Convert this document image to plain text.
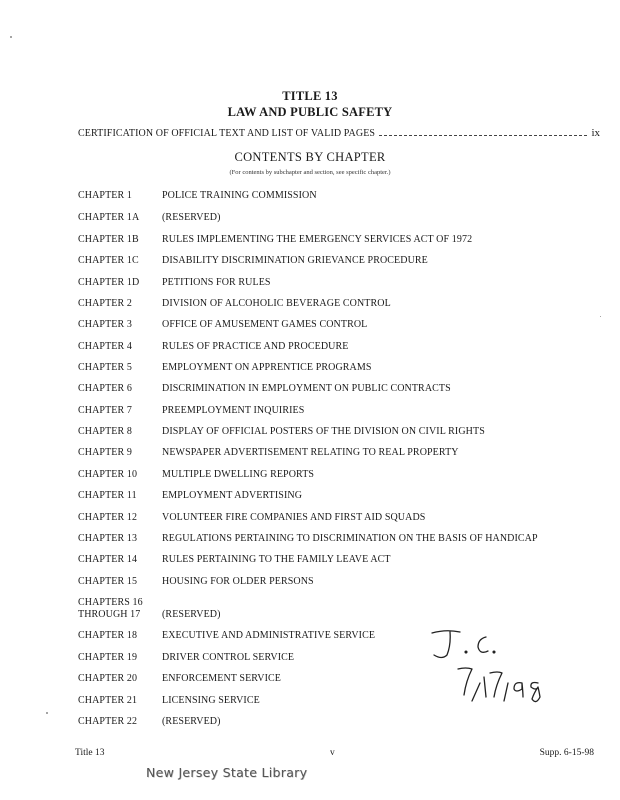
TITLE 13
LAW AND PUBLIC SAFETY
CERTIFICATION OF OFFICIAL TEXT AND LIST OF VALID PAGES	ix
CONTENTS BY CHAPTER
(For contents by subchapter and section, see specific chapter.)
CHAPTER 1	POLICE TRAINING COMMISSION
CHAPTER 1A	(RESERVED)
CHAPTER 1B	RULES IMPLEMENTING THE EMERGENCY SERVICES ACT OF 1972
CHAPTER 1C	DISABILITY DISCRIMINATION GRIEVANCE PROCEDURE
CHAPTER 1D	PETITIONS FOR RULES
CHAPTER 2	DIVISION OF ALCOHOLIC BEVERAGE CONTROL
CHAPTER 3	OFFICE OF AMUSEMENT GAMES CONTROL
CHAPTER 4	RULES OF PRACTICE AND PROCEDURE
CHAPTER 5	EMPLOYMENT ON APPRENTICE PROGRAMS
CHAPTER 6	DISCRIMINATION IN EMPLOYMENT ON PUBLIC CONTRACTS
CHAPTER 7	PREEMPLOYMENT INQUIRIES
CHAPTER 8	DISPLAY OF OFFICIAL POSTERS OF THE DIVISION ON CIVIL RIGHTS
CHAPTER 9	NEWSPAPER ADVERTISEMENT RELATING TO REAL PROPERTY
CHAPTER 10	MULTIPLE DWELLING REPORTS
CHAPTER 11	EMPLOYMENT ADVERTISING
CHAPTER 12	VOLUNTEER FIRE COMPANIES AND FIRST AID SQUADS
CHAPTER 13	REGULATIONS PERTAINING TO DISCRIMINATION ON THE BASIS OF HANDICAP
CHAPTER 14	RULES PERTAINING TO THE FAMILY LEAVE ACT
CHAPTER 15	HOUSING FOR OLDER PERSONS
CHAPTERS 16
THROUGH 17	(RESERVED)
CHAPTER 18	EXECUTIVE AND ADMINISTRATIVE SERVICE
CHAPTER 19	DRIVER CONTROL SERVICE
CHAPTER 20	ENFORCEMENT SERVICE
CHAPTER 21	LICENSING SERVICE
CHAPTER 22	(RESERVED)
Title 13	v	Supp. 6-15-98
New Jersey State Library
